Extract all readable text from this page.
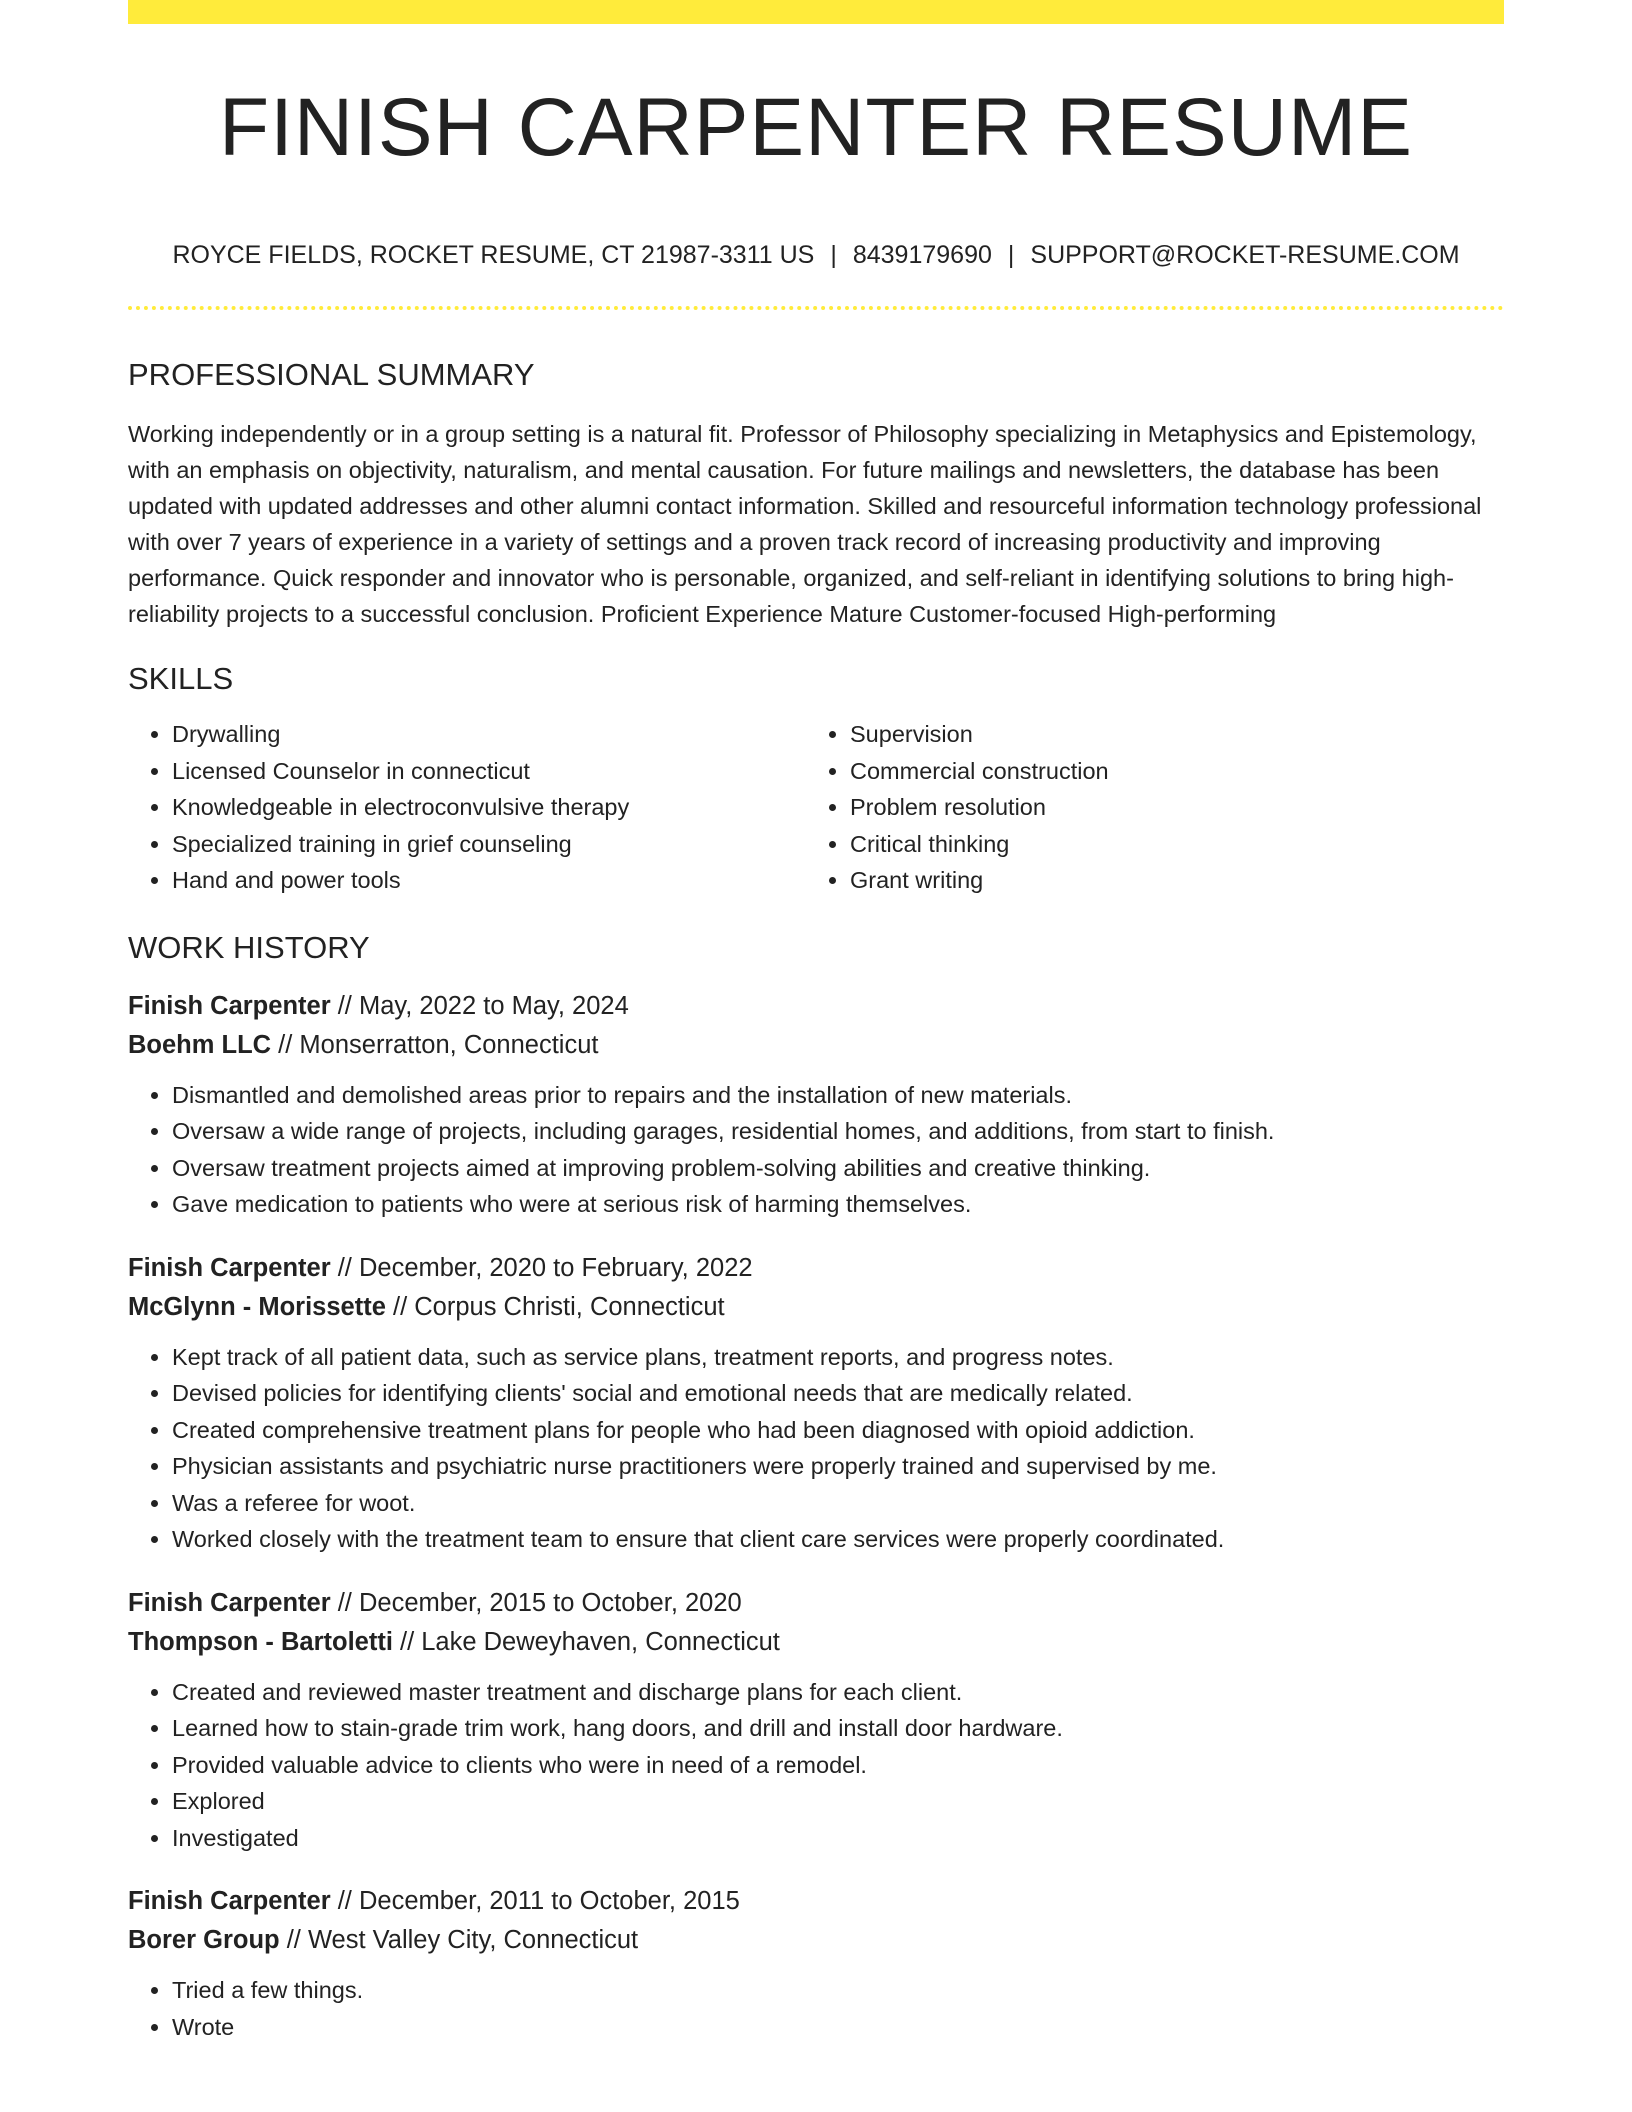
FINISH CARPENTER RESUME
ROYCE FIELDS, ROCKET RESUME, CT 21987-3311 US | 8439179690 | SUPPORT@ROCKET-RESUME.COM
PROFESSIONAL SUMMARY

Working independently or in a group setting is a natural fit. Professor of Philosophy specializing in Metaphysics and Epistemology, with an emphasis on objectivity, naturalism, and mental causation. For future mailings and newsletters, the database has been updated with updated addresses and other alumni contact information. Skilled and resourceful information technology professional with over 7 years of experience in a variety of settings and a proven track record of increasing productivity and improving performance. Quick responder and innovator who is personable, organized, and self-reliant in identifying solutions to bring high-reliability projects to a successful conclusion. Proficient Experience Mature Customer-focused High-performing

SKILLS
• Drywalling
• Licensed Counselor in connecticut
• Knowledgeable in electroconvulsive therapy
• Specialized training in grief counseling
• Hand and power tools
• Supervision
• Commercial construction
• Problem resolution
• Critical thinking
• Grant writing
WORK HISTORY
Finish Carpenter // May, 2022 to May, 2024
Boehm LLC // Monserratton, Connecticut
• Dismantled and demolished areas prior to repairs and the installation of new materials.
• Oversaw a wide range of projects, including garages, residential homes, and additions, from start to finish.
• Oversaw treatment projects aimed at improving problem-solving abilities and creative thinking.
• Gave medication to patients who were at serious risk of harming themselves.
Finish Carpenter // December, 2020 to February, 2022
McGlynn - Morissette // Corpus Christi, Connecticut
• Kept track of all patient data, such as service plans, treatment reports, and progress notes.
• Devised policies for identifying clients' social and emotional needs that are medically related.
• Created comprehensive treatment plans for people who had been diagnosed with opioid addiction.
• Physician assistants and psychiatric nurse practitioners were properly trained and supervised by me.
• Was a referee for woot.
• Worked closely with the treatment team to ensure that client care services were properly coordinated.
Finish Carpenter // December, 2015 to October, 2020
Thompson - Bartoletti // Lake Deweyhaven, Connecticut
• Created and reviewed master treatment and discharge plans for each client.
• Learned how to stain-grade trim work, hang doors, and drill and install door hardware.
• Provided valuable advice to clients who were in need of a remodel.
• Explored
• Investigated
Finish Carpenter // December, 2011 to October, 2015
Borer Group // West Valley City, Connecticut
• Tried a few things.
• Wrote
